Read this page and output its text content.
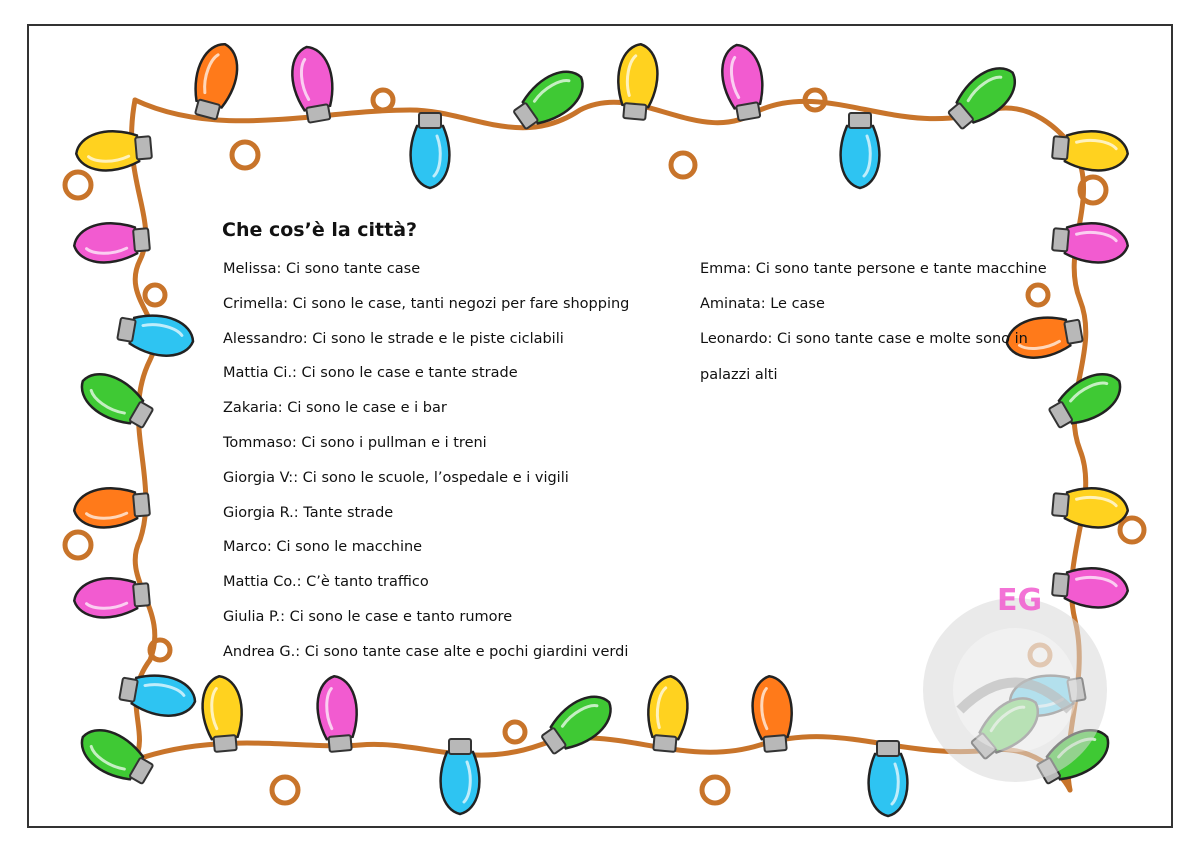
EG
Che cos’è la città?
Melissa: Ci sono tante case
Crimella: Ci sono le case, tanti negozi per fare shopping
Alessandro: Ci sono le strade e le piste ciclabili
Mattia Ci.: Ci sono le case e tante strade
Zakaria: Ci sono le case e i bar
Tommaso: Ci sono i pullman e i treni
Giorgia V:: Ci sono le scuole, l’ospedale e i vigili
Giorgia R.: Tante strade
Marco: Ci sono le macchine
Mattia Co.: C’è tanto traffico
Giulia P.: Ci sono le case e tanto rumore
Andrea G.: Ci sono tante case alte e pochi giardini verdi
Emma: Ci sono tante persone e tante macchine
Aminata: Le case
Leonardo: Ci sono tante case e molte sono in
palazzi alti
